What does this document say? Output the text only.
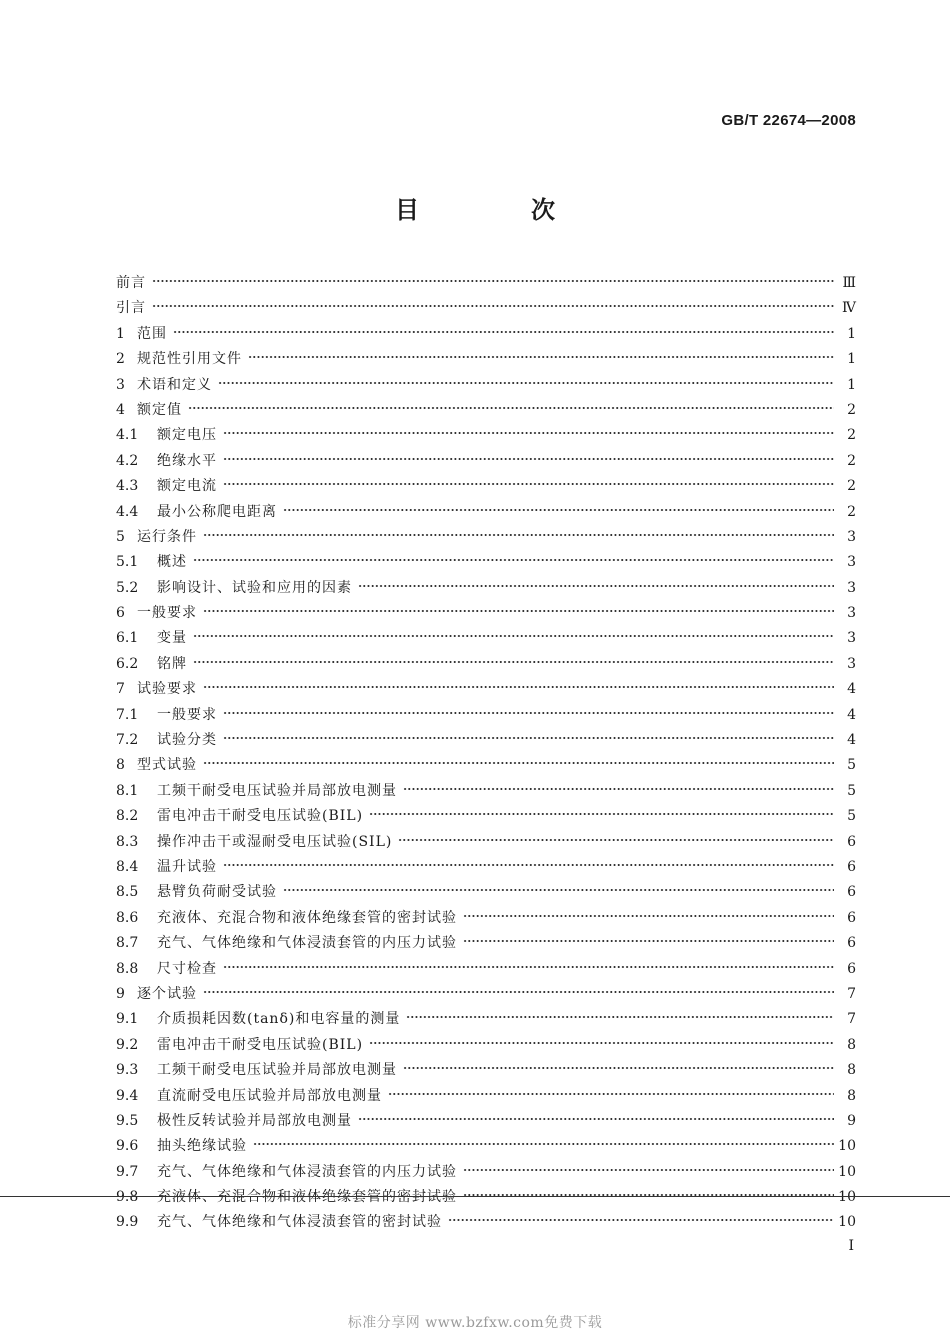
GB/T 22674—2008
目　次
前言	Ⅲ
引言	Ⅳ
1 范围	1
2 规范性引用文件	1
3 术语和定义	1
4 额定值	2
4.1	额定电压	2
4.2	绝缘水平	2
4.3	额定电流	2
4.4	最小公称爬电距离	2
5 运行条件	3
5.1	概述	3
5.2	影响设计、试验和应用的因素	3
6 一般要求	3
6.1	变量	3
6.2	铭牌	3
7 试验要求	4
7.1	一般要求	4
7.2	试验分类	4
8 型式试验	5
8.1	工频干耐受电压试验并局部放电测量	5
8.2	雷电冲击干耐受电压试验(BIL)	5
8.3	操作冲击干或湿耐受电压试验(SIL)	6
8.4	温升试验	6
8.5	悬臂负荷耐受试验	6
8.6	充液体、充混合物和液体绝缘套管的密封试验	6
8.7	充气、气体绝缘和气体浸渍套管的内压力试验	6
8.8	尺寸检查	6
9 逐个试验	7
9.1	介质损耗因数(tanδ)和电容量的测量	7
9.2	雷电冲击干耐受电压试验(BIL)	8
9.3	工频干耐受电压试验并局部放电测量	8
9.4	直流耐受电压试验并局部放电测量	8
9.5	极性反转试验并局部放电测量	9
9.6	抽头绝缘试验	10
9.7	充气、气体绝缘和气体浸渍套管的内压力试验	10
9.8	充液体、充混合物和液体绝缘套管的密封试验	10
9.9	充气、气体绝缘和气体浸渍套管的密封试验	10
I
标准分享网 www.bzfxw.com免费下载
